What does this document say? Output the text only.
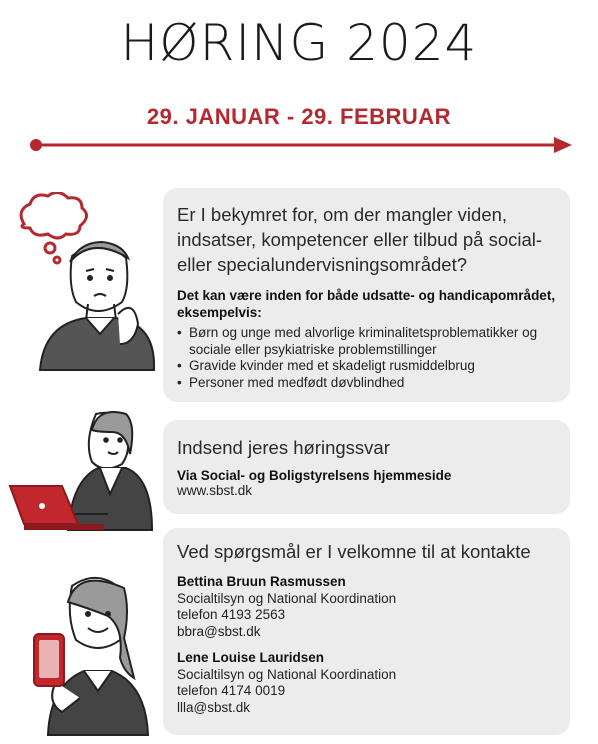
HØRING 2024
29. JANUAR - 29. FEBRUAR
Er I bekymret for, om der mangler viden, indsatser, kompetencer eller tilbud på social- eller specialundervisningsområdet?
Det kan være inden for både udsatte- og handicapområdet, eksempelvis:
• Børn og unge med alvorlige kriminalitetsproblematikker og sociale eller psykiatriske problemstillinger
• Gravide kvinder med et skadeligt rusmiddelbrug
• Personer med medfødt døvblindhed
Indsend jeres høringssvar
Via Social- og Boligstyrelsens hjemmeside
www.sbst.dk
Ved spørgsmål er I velkomne til at kontakte
Bettina Bruun Rasmussen
Socialtilsyn og National Koordination
telefon 4193 2563
bbra@sbst.dk
Lene Louise Lauridsen
Socialtilsyn og National Koordination
telefon 4174 0019
llla@sbst.dk
